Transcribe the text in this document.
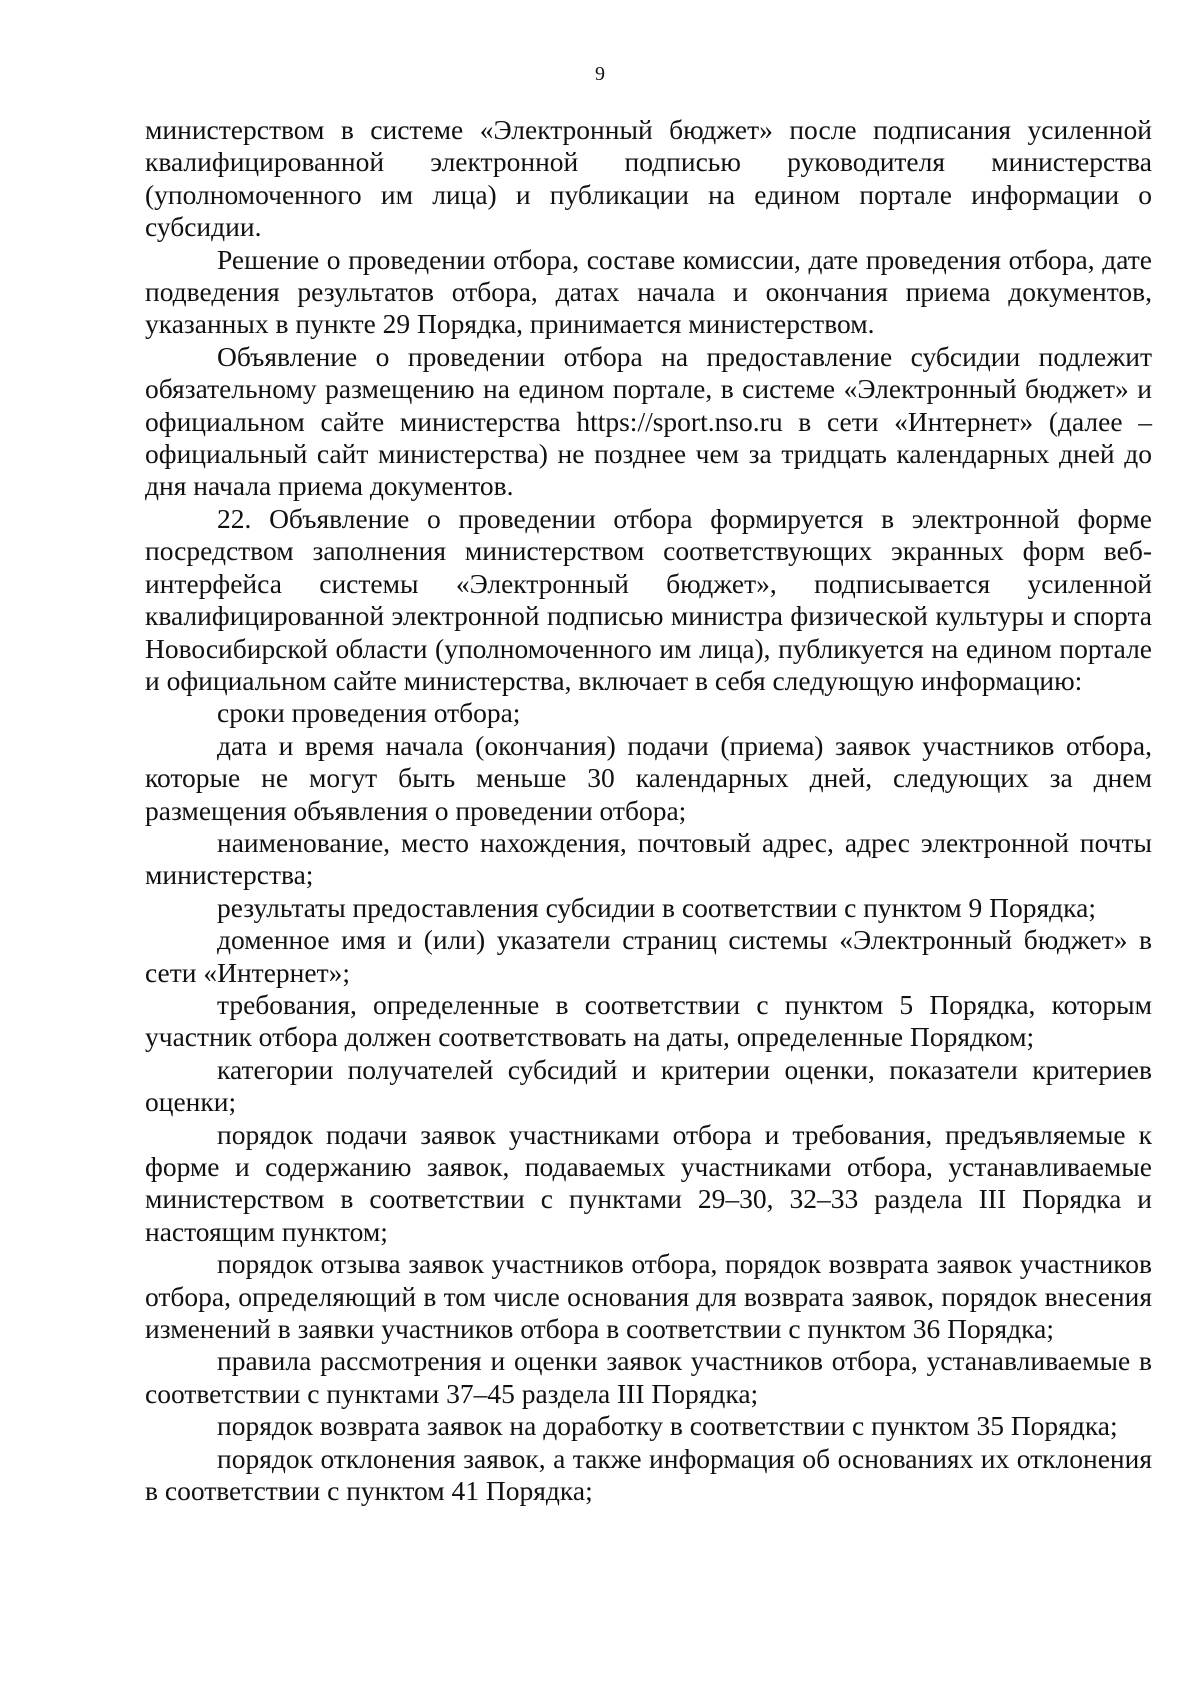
9

министерством в системе «Электронный бюджет» после подписания усиленной квалифицированной электронной подписью руководителя министерства (уполномоченного им лица) и публикации на едином портале информации о субсидии.

Решение о проведении отбора, составе комиссии, дате проведения отбора, дате подведения результатов отбора, датах начала и окончания приема документов, указанных в пункте 29 Порядка, принимается министерством.

Объявление о проведении отбора на предоставление субсидии подлежит обязательному размещению на едином портале, в системе «Электронный бюджет» и официальном сайте министерства https://sport.nso.ru в сети «Интернет» (далее – официальный сайт министерства) не позднее чем за тридцать календарных дней до дня начала приема документов.

22. Объявление о проведении отбора формируется в электронной форме посредством заполнения министерством соответствующих экранных форм веб-интерфейса системы «Электронный бюджет», подписывается усиленной квалифицированной электронной подписью министра физической культуры и спорта Новосибирской области (уполномоченного им лица), публикуется на едином портале и официальном сайте министерства, включает в себя следующую информацию:

сроки проведения отбора;

дата и время начала (окончания) подачи (приема) заявок участников отбора, которые не могут быть меньше 30 календарных дней, следующих за днем размещения объявления о проведении отбора;

наименование, место нахождения, почтовый адрес, адрес электронной почты министерства;

результаты предоставления субсидии в соответствии с пунктом 9 Порядка;

доменное имя и (или) указатели страниц системы «Электронный бюджет» в сети «Интернет»;

требования, определенные в соответствии с пунктом 5 Порядка, которым участник отбора должен соответствовать на даты, определенные Порядком;

категории получателей субсидий и критерии оценки, показатели критериев оценки;

порядок подачи заявок участниками отбора и требования, предъявляемые к форме и содержанию заявок, подаваемых участниками отбора, устанавливаемые министерством в соответствии с пунктами 29–30, 32–33 раздела III Порядка и настоящим пунктом;

порядок отзыва заявок участников отбора, порядок возврата заявок участников отбора, определяющий в том числе основания для возврата заявок, порядок внесения изменений в заявки участников отбора в соответствии с пунктом 36 Порядка;

правила рассмотрения и оценки заявок участников отбора, устанавливаемые в соответствии с пунктами 37–45 раздела III Порядка;

порядок возврата заявок на доработку в соответствии с пунктом 35 Порядка;

порядок отклонения заявок, а также информация об основаниях их отклонения в соответствии с пунктом 41 Порядка;
